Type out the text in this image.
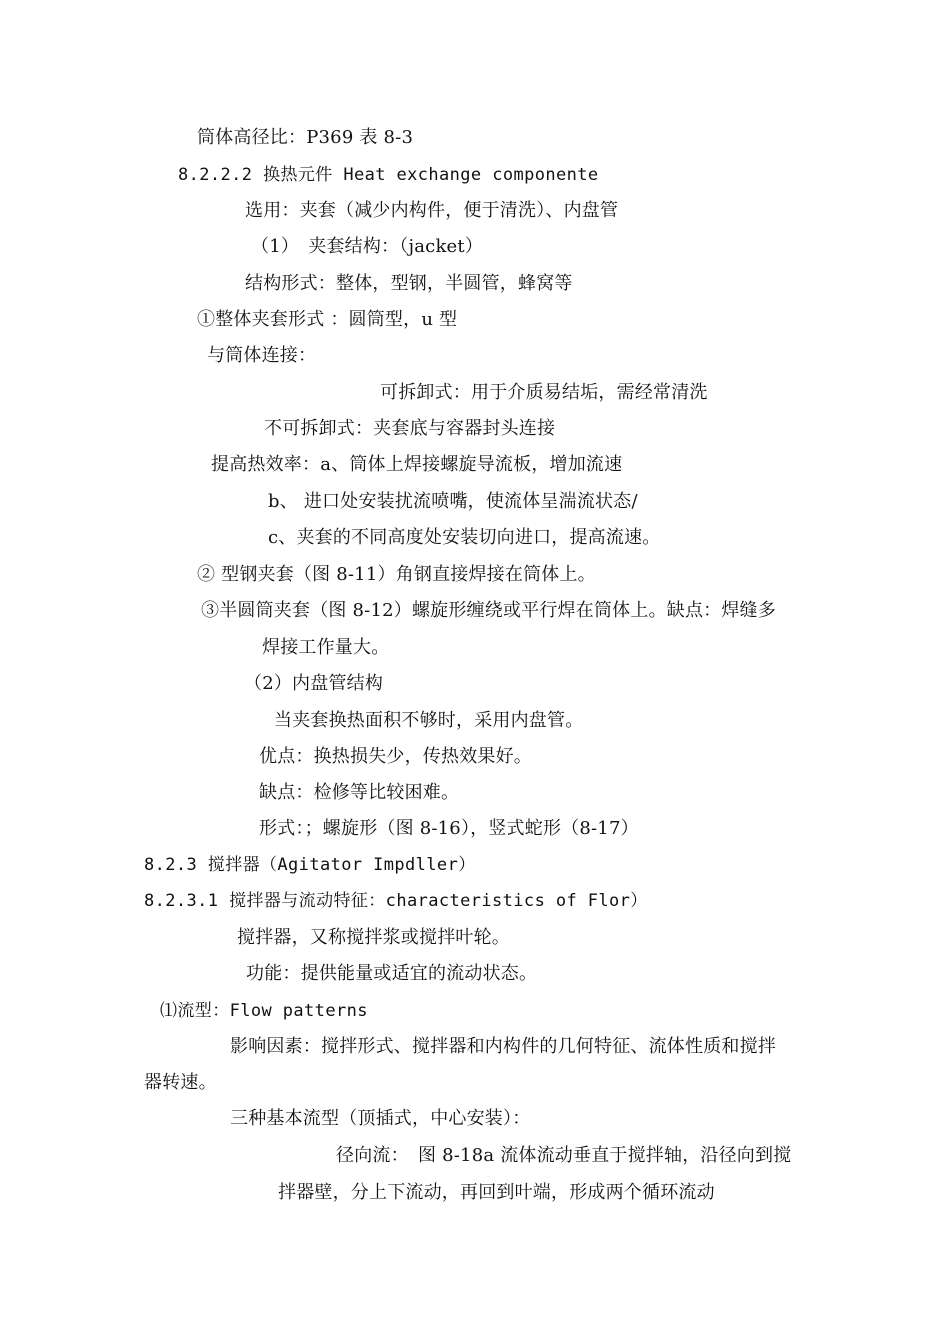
筒体高径比：P369 表 8-3
8.2.2.2 换热元件 Heat exchange componente
选用：夹套（减少内构件，便于清洗）、内盘管
（1）　夹套结构：（jacket）
结构形式：整体，型钢，半圆管，蜂窝等
①整体夹套形式 ：圆筒型，u 型
与筒体连接：
可拆卸式：用于介质易结垢，需经常清洗
不可拆卸式：夹套底与容器封头连接
提高热效率：a、筒体上焊接螺旋导流板，增加流速
b、 进口处安装扰流喷嘴，使流体呈湍流状态/
c、夹套的不同高度处安装切向进口，提高流速。
② 型钢夹套（图 8-11）角钢直接焊接在筒体上。
③半圆筒夹套（图 8-12）螺旋形缠绕或平行焊在筒体上。缺点：焊缝多
焊接工作量大。
（2）内盘管结构
当夹套换热面积不够时，采用内盘管。
优点：换热损失少，传热效果好。
缺点：检修等比较困难。
形式：；螺旋形（图 8-16），竖式蛇形（8-17）
8.2.3 搅拌器（Agitator Impdller）
8.2.3.1 搅拌器与流动特征：characteristics of Flor）
搅拌器，又称搅拌浆或搅拌叶轮。
功能：提供能量或适宜的流动状态。
⑴流型：Flow patterns
影响因素：搅拌形式、搅拌器和内构件的几何特征、流体性质和搅拌
器转速。
三种基本流型（顶插式，中心安装）：
径向流：　图 8-18a 流体流动垂直于搅拌轴，沿径向到搅
拌器壁，分上下流动，再回到叶端，形成两个循环流动
